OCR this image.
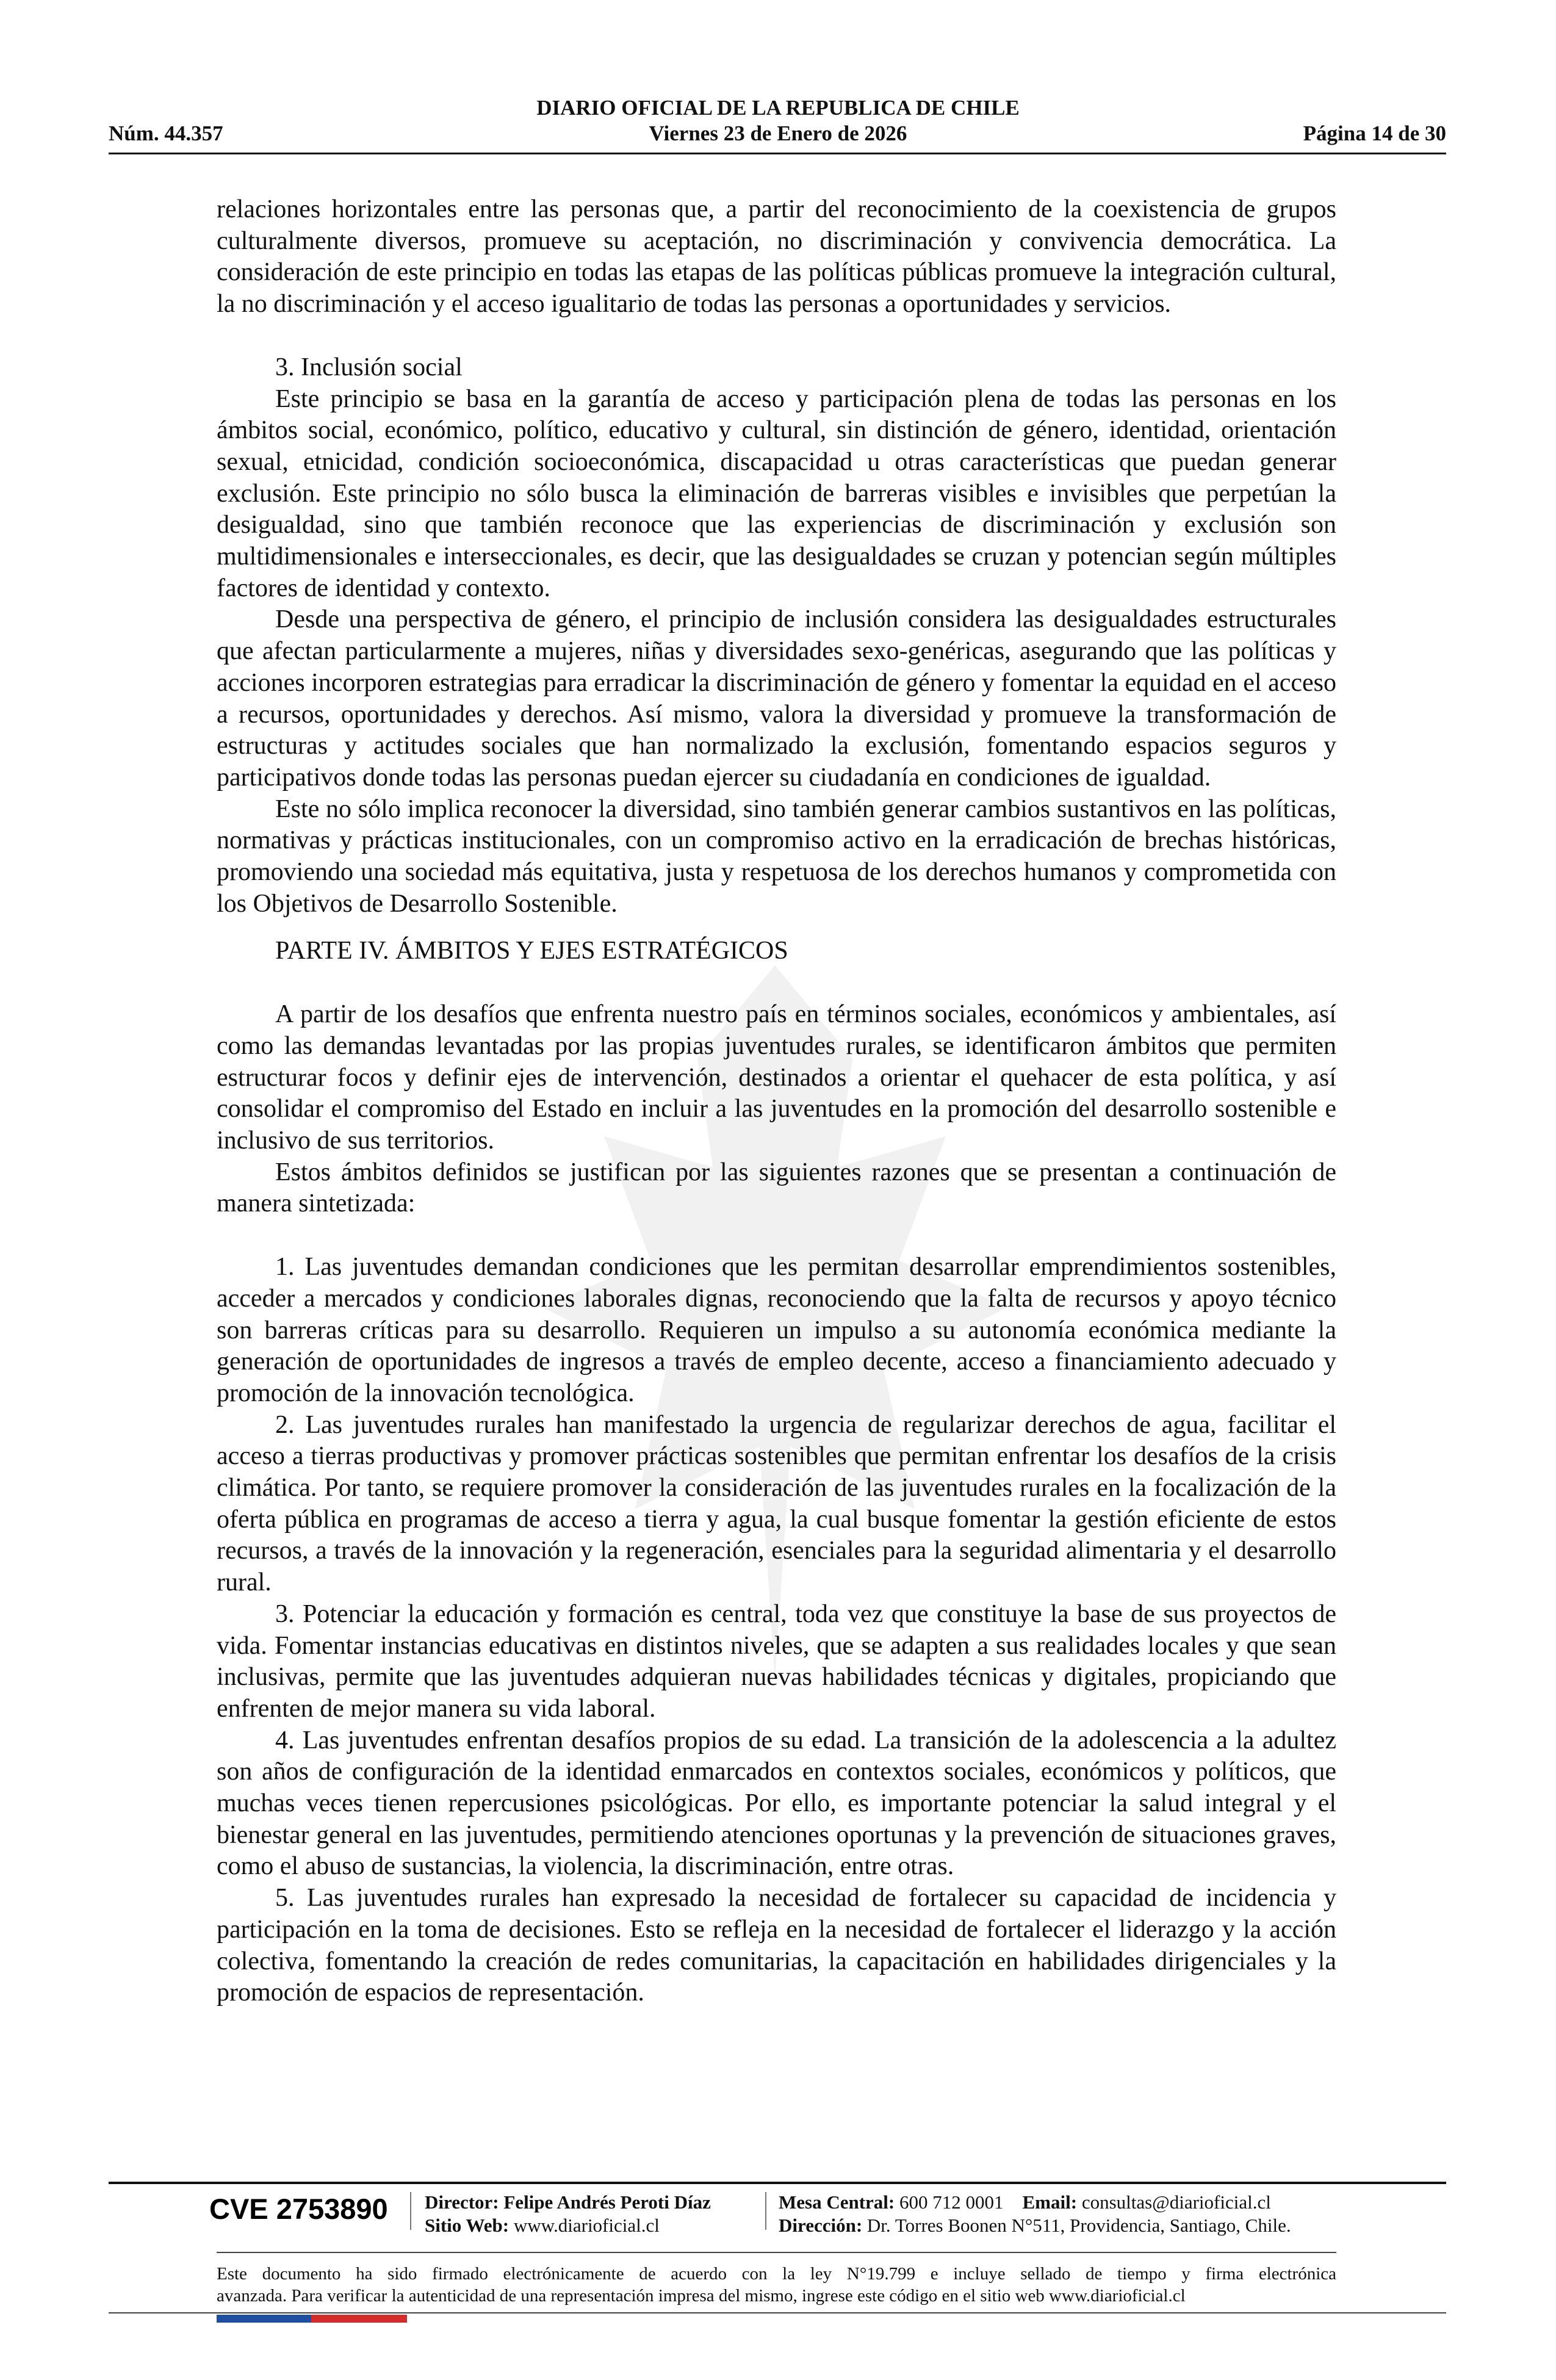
DIARIO OFICIAL DE LA REPUBLICA DE CHILE
Viernes 23 de Enero de 2026
Núm. 44.357	Página 14 de 30

relaciones horizontales entre las personas que, a partir del reconocimiento de la coexistencia de grupos culturalmente diversos, promueve su aceptación, no discriminación y convivencia democrática. La consideración de este principio en todas las etapas de las políticas públicas promueve la integración cultural, la no discriminación y el acceso igualitario de todas las personas a oportunidades y servicios.

3. Inclusión social

Este principio se basa en la garantía de acceso y participación plena de todas las personas en los ámbitos social, económico, político, educativo y cultural, sin distinción de género, identidad, orientación sexual, etnicidad, condición socioeconómica, discapacidad u otras características que puedan generar exclusión. Este principio no sólo busca la eliminación de barreras visibles e invisibles que perpetúan la desigualdad, sino que también reconoce que las experiencias de discriminación y exclusión son multidimensionales e interseccionales, es decir, que las desigualdades se cruzan y potencian según múltiples factores de identidad y contexto.

Desde una perspectiva de género, el principio de inclusión considera las desigualdades estructurales que afectan particularmente a mujeres, niñas y diversidades sexo-genéricas, asegurando que las políticas y acciones incorporen estrategias para erradicar la discriminación de género y fomentar la equidad en el acceso a recursos, oportunidades y derechos. Así mismo, valora la diversidad y promueve la transformación de estructuras y actitudes sociales que han normalizado la exclusión, fomentando espacios seguros y participativos donde todas las personas puedan ejercer su ciudadanía en condiciones de igualdad.

Este no sólo implica reconocer la diversidad, sino también generar cambios sustantivos en las políticas, normativas y prácticas institucionales, con un compromiso activo en la erradicación de brechas históricas, promoviendo una sociedad más equitativa, justa y respetuosa de los derechos humanos y comprometida con los Objetivos de Desarrollo Sostenible.

PARTE IV. ÁMBITOS Y EJES ESTRATÉGICOS

A partir de los desafíos que enfrenta nuestro país en términos sociales, económicos y ambientales, así como las demandas levantadas por las propias juventudes rurales, se identificaron ámbitos que permiten estructurar focos y definir ejes de intervención, destinados a orientar el quehacer de esta política, y así consolidar el compromiso del Estado en incluir a las juventudes en la promoción del desarrollo sostenible e inclusivo de sus territorios.

Estos ámbitos definidos se justifican por las siguientes razones que se presentan a continuación de manera sintetizada:

1. Las juventudes demandan condiciones que les permitan desarrollar emprendimientos sostenibles, acceder a mercados y condiciones laborales dignas, reconociendo que la falta de recursos y apoyo técnico son barreras críticas para su desarrollo. Requieren un impulso a su autonomía económica mediante la generación de oportunidades de ingresos a través de empleo decente, acceso a financiamiento adecuado y promoción de la innovación tecnológica.

2. Las juventudes rurales han manifestado la urgencia de regularizar derechos de agua, facilitar el acceso a tierras productivas y promover prácticas sostenibles que permitan enfrentar los desafíos de la crisis climática. Por tanto, se requiere promover la consideración de las juventudes rurales en la focalización de la oferta pública en programas de acceso a tierra y agua, la cual busque fomentar la gestión eficiente de estos recursos, a través de la innovación y la regeneración, esenciales para la seguridad alimentaria y el desarrollo rural.

3. Potenciar la educación y formación es central, toda vez que constituye la base de sus proyectos de vida. Fomentar instancias educativas en distintos niveles, que se adapten a sus realidades locales y que sean inclusivas, permite que las juventudes adquieran nuevas habilidades técnicas y digitales, propiciando que enfrenten de mejor manera su vida laboral.

4. Las juventudes enfrentan desafíos propios de su edad. La transición de la adolescencia a la adultez son años de configuración de la identidad enmarcados en contextos sociales, económicos y políticos, que muchas veces tienen repercusiones psicológicas. Por ello, es importante potenciar la salud integral y el bienestar general en las juventudes, permitiendo atenciones oportunas y la prevención de situaciones graves, como el abuso de sustancias, la violencia, la discriminación, entre otras.

5. Las juventudes rurales han expresado la necesidad de fortalecer su capacidad de incidencia y participación en la toma de decisiones. Esto se refleja en la necesidad de fortalecer el liderazgo y la acción colectiva, fomentando la creación de redes comunitarias, la capacitación en habilidades dirigenciales y la promoción de espacios de representación.

CVE 2753890 Director: Felipe Andrés Peroti Díaz
Sitio Web: www.diarioficial.cl
Mesa Central: 600 712 0001 Email: consultas@diarioficial.cl
Dirección: Dr. Torres Boonen N°511, Providencia, Santiago, Chile.
Este documento ha sido firmado electrónicamente de acuerdo con la ley N°19.799 e incluye sellado de tiempo y firma electrónica
avanzada. Para verificar la autenticidad de una representación impresa del mismo, ingrese este código en el sitio web www.diarioficial.cl
